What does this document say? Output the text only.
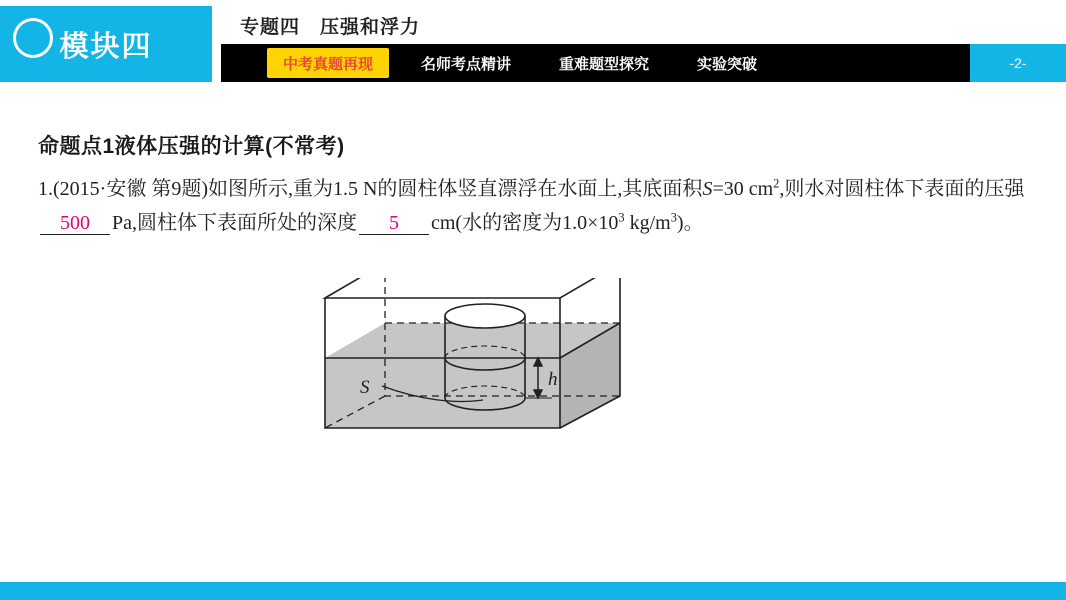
模块四
专题四　压强和浮力
中考真题再现	名师考点精讲	重难题型探究	实验突破	-2-
命题点1液体压强的计算(不常考)
1.(2015·安徽 第9题)如图所示,重为1.5 N的圆柱体竖直漂浮在水面上,其底面积S=30 $cm^2$,则水对圆柱体下表面的压强500 Pa,圆柱体下表面所处的深度 5 cm(水的密度为$1.0\times 10^3$ $kg/m^3$)。
h
S
